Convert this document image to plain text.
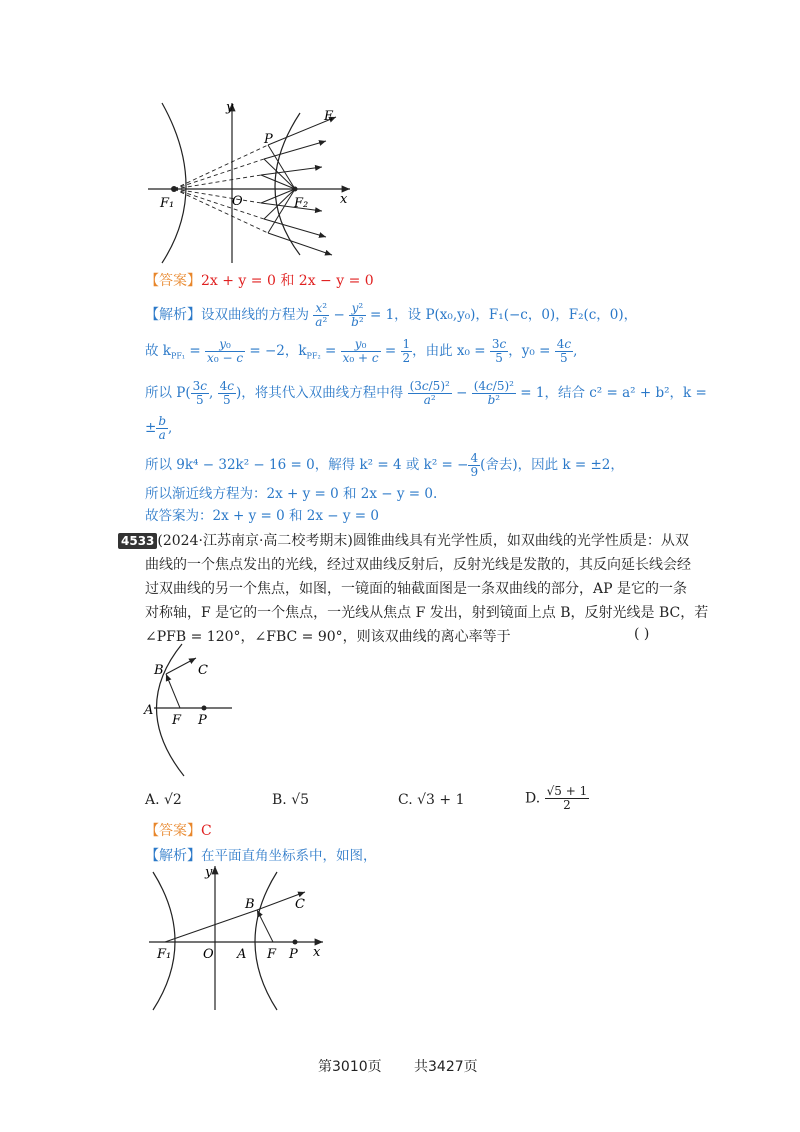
y
x
O
P
E
F₁	F₂
【答案】2x + y = 0 和 2x − y = 0
【解析】设双曲线的方程为 $\frac{\text{x²}}{\text{a²}} - \frac{\text{y²}}{\text{b²}} = 1$，设 P(x₀,y₀)，F₁(−c，0)，F₂(c，0)，
故 $k_{PF_1} = \frac{\text{y₀}}{\text{x₀ − c}} = -2$，$k_{PF_2} = \frac{\text{y₀}}{\text{x₀ + c}} = \frac{1}{2}$ ，由此 $x_0 = \frac{3c}{5}$ ，$y_0 = \frac{4c}{5}$ ,
所以 $P( \frac{3c}{5}$ , $\frac{4c}{5}$ )，将其代入双曲线方程中得 $\frac{\text{(3c/5)²}}{\text{a²}} - \frac{\text{(4c/5)²}}{\text{b²}} = 1$，结合 c² = a² + b²，k =
± $\frac{b}{a}$ ,
所以 9k⁴ − 32k² − 16 = 0，解得 k² = 4 或 k² = − $\frac{4}{9}$ (舍去)，因此 k = ±2，
所以渐近线方程为：2x + y = 0 和 2x − y = 0.
故答案为：2x + y = 0 和 2x − y = 0
4533 (2024·江苏南京·高二校考期末)圆锥曲线具有光学性质，如双曲线的光学性质是：从双
曲线的一个焦点发出的光线，经过双曲线反射后，反射光线是发散的，其反向延长线会经
过双曲线的另一个焦点，如图，一镜面的轴截面图是一条双曲线的部分，AP 是它的一条
对称轴，F 是它的一个焦点，一光线从焦点 F 发出，射到镜面上点 B，反射光线是 BC，若
∠PFB = 120°，∠FBC = 90°，则该双曲线的离心率等于	( )
B	C
A
F P
A. √2	B. √5	C. √3 + 1	D. $\frac{√5 + 1}{2}$
【答案】C
【解析】在平面直角坐标系中，如图，
y
x
O A F P
B	C
F₁
第3010页 共3427页
